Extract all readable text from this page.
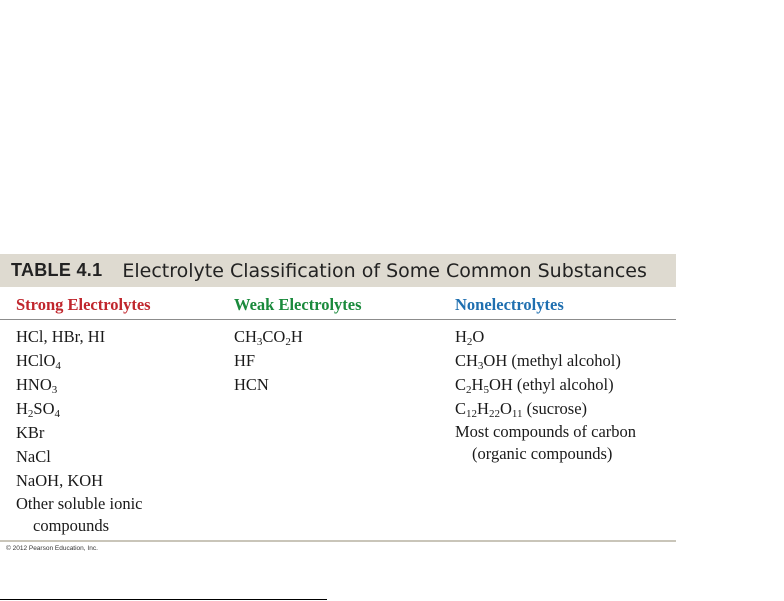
TABLE 4.1 Electrolyte Classification of Some Common Substances
Strong Electrolytes
HCl, HBr, HI
HClO$_4$
$HNO_3$
$H_2SO_4$
KBr
NaCl
NaOH, KOH
Other soluble ionic compounds
Weak Electrolytes
$CH_3CO_2H$
HF
HCN
Nonelectrolytes
$H_2O$
$CH_3OH$ (methyl alcohol)
$C_2H_5OH$ (ethyl alcohol)
$C_{12}H_{22}O_{11}$ (sucrose)
Most compounds of carbon (organic compounds)
© 2012 Pearson Education, Inc.
